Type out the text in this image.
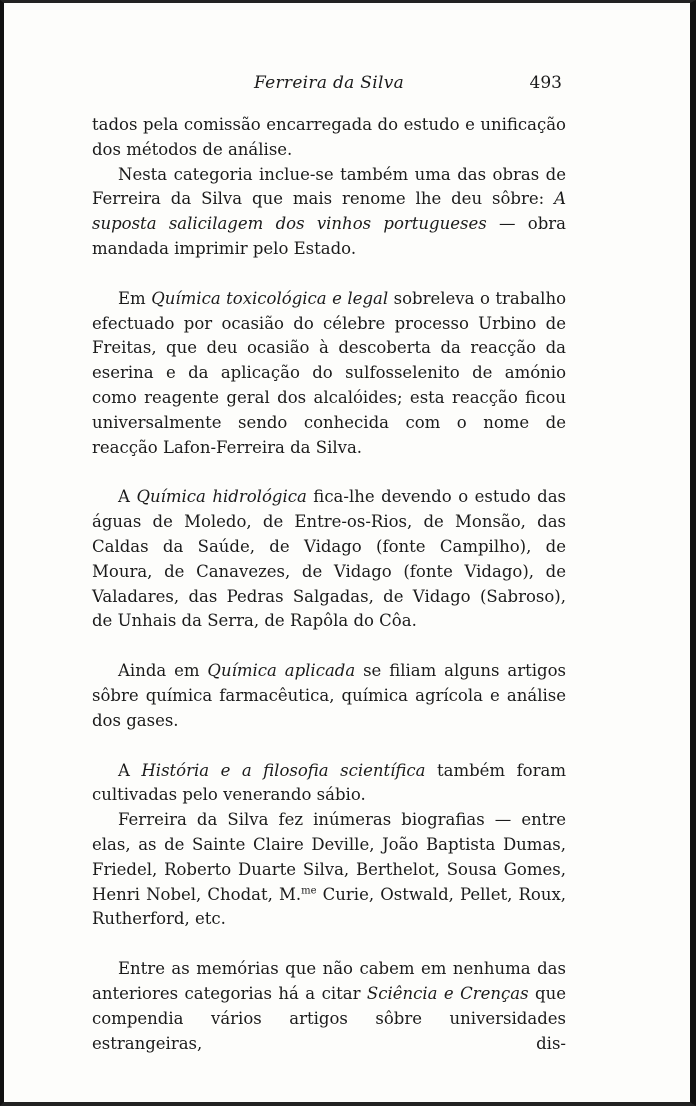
Ferreira da Silva	493

tados pela comissão encarregada do estudo e unificação dos métodos de análise.

Nesta categoria inclue-se também uma das obras de Ferreira da Silva que mais renome lhe deu sôbre: A suposta salicilagem dos vinhos portugueses — obra mandada imprimir pelo Estado.

Em Química toxicológica e legal sobreleva o trabalho efectuado por ocasião do célebre processo Urbino de Freitas, que deu ocasião à descoberta da reacção da eserina e da aplicação do sulfosselenito de amónio como reagente geral dos alcalóides; esta reacção ficou universalmente sendo conhecida com o nome de reacção Lafon-Ferreira da Silva.

A Química hidrológica fica-lhe devendo o estudo das águas de Moledo, de Entre-os-Rios, de Monsão, das Caldas da Saúde, de Vidago (fonte Campilho), de Moura, de Canavezes, de Vidago (fonte Vidago), de Valadares, das Pedras Salgadas, de Vidago (Sabroso), de Unhais da Serra, de Rapôla do Côa.

Ainda em Química aplicada se filiam alguns artigos sôbre química farmacêutica, química agrícola e análise dos gases.

A História e a filosofia scientífica também foram cultivadas pelo venerando sábio.

Ferreira da Silva fez inúmeras biografias — entre elas, as de Sainte Claire Deville, João Baptista Dumas, Friedel, Roberto Duarte Silva, Berthelot, Sousa Gomes, Henri Nobel, Chodat, M.$^{me}$ Curie, Ostwald, Pellet, Roux, Rutherford, etc.

Entre as memórias que não cabem em nenhuma das anteriores categorias há a citar Sciência e Crenças que compendia vários artigos sôbre universidades estrangeiras, dis-
